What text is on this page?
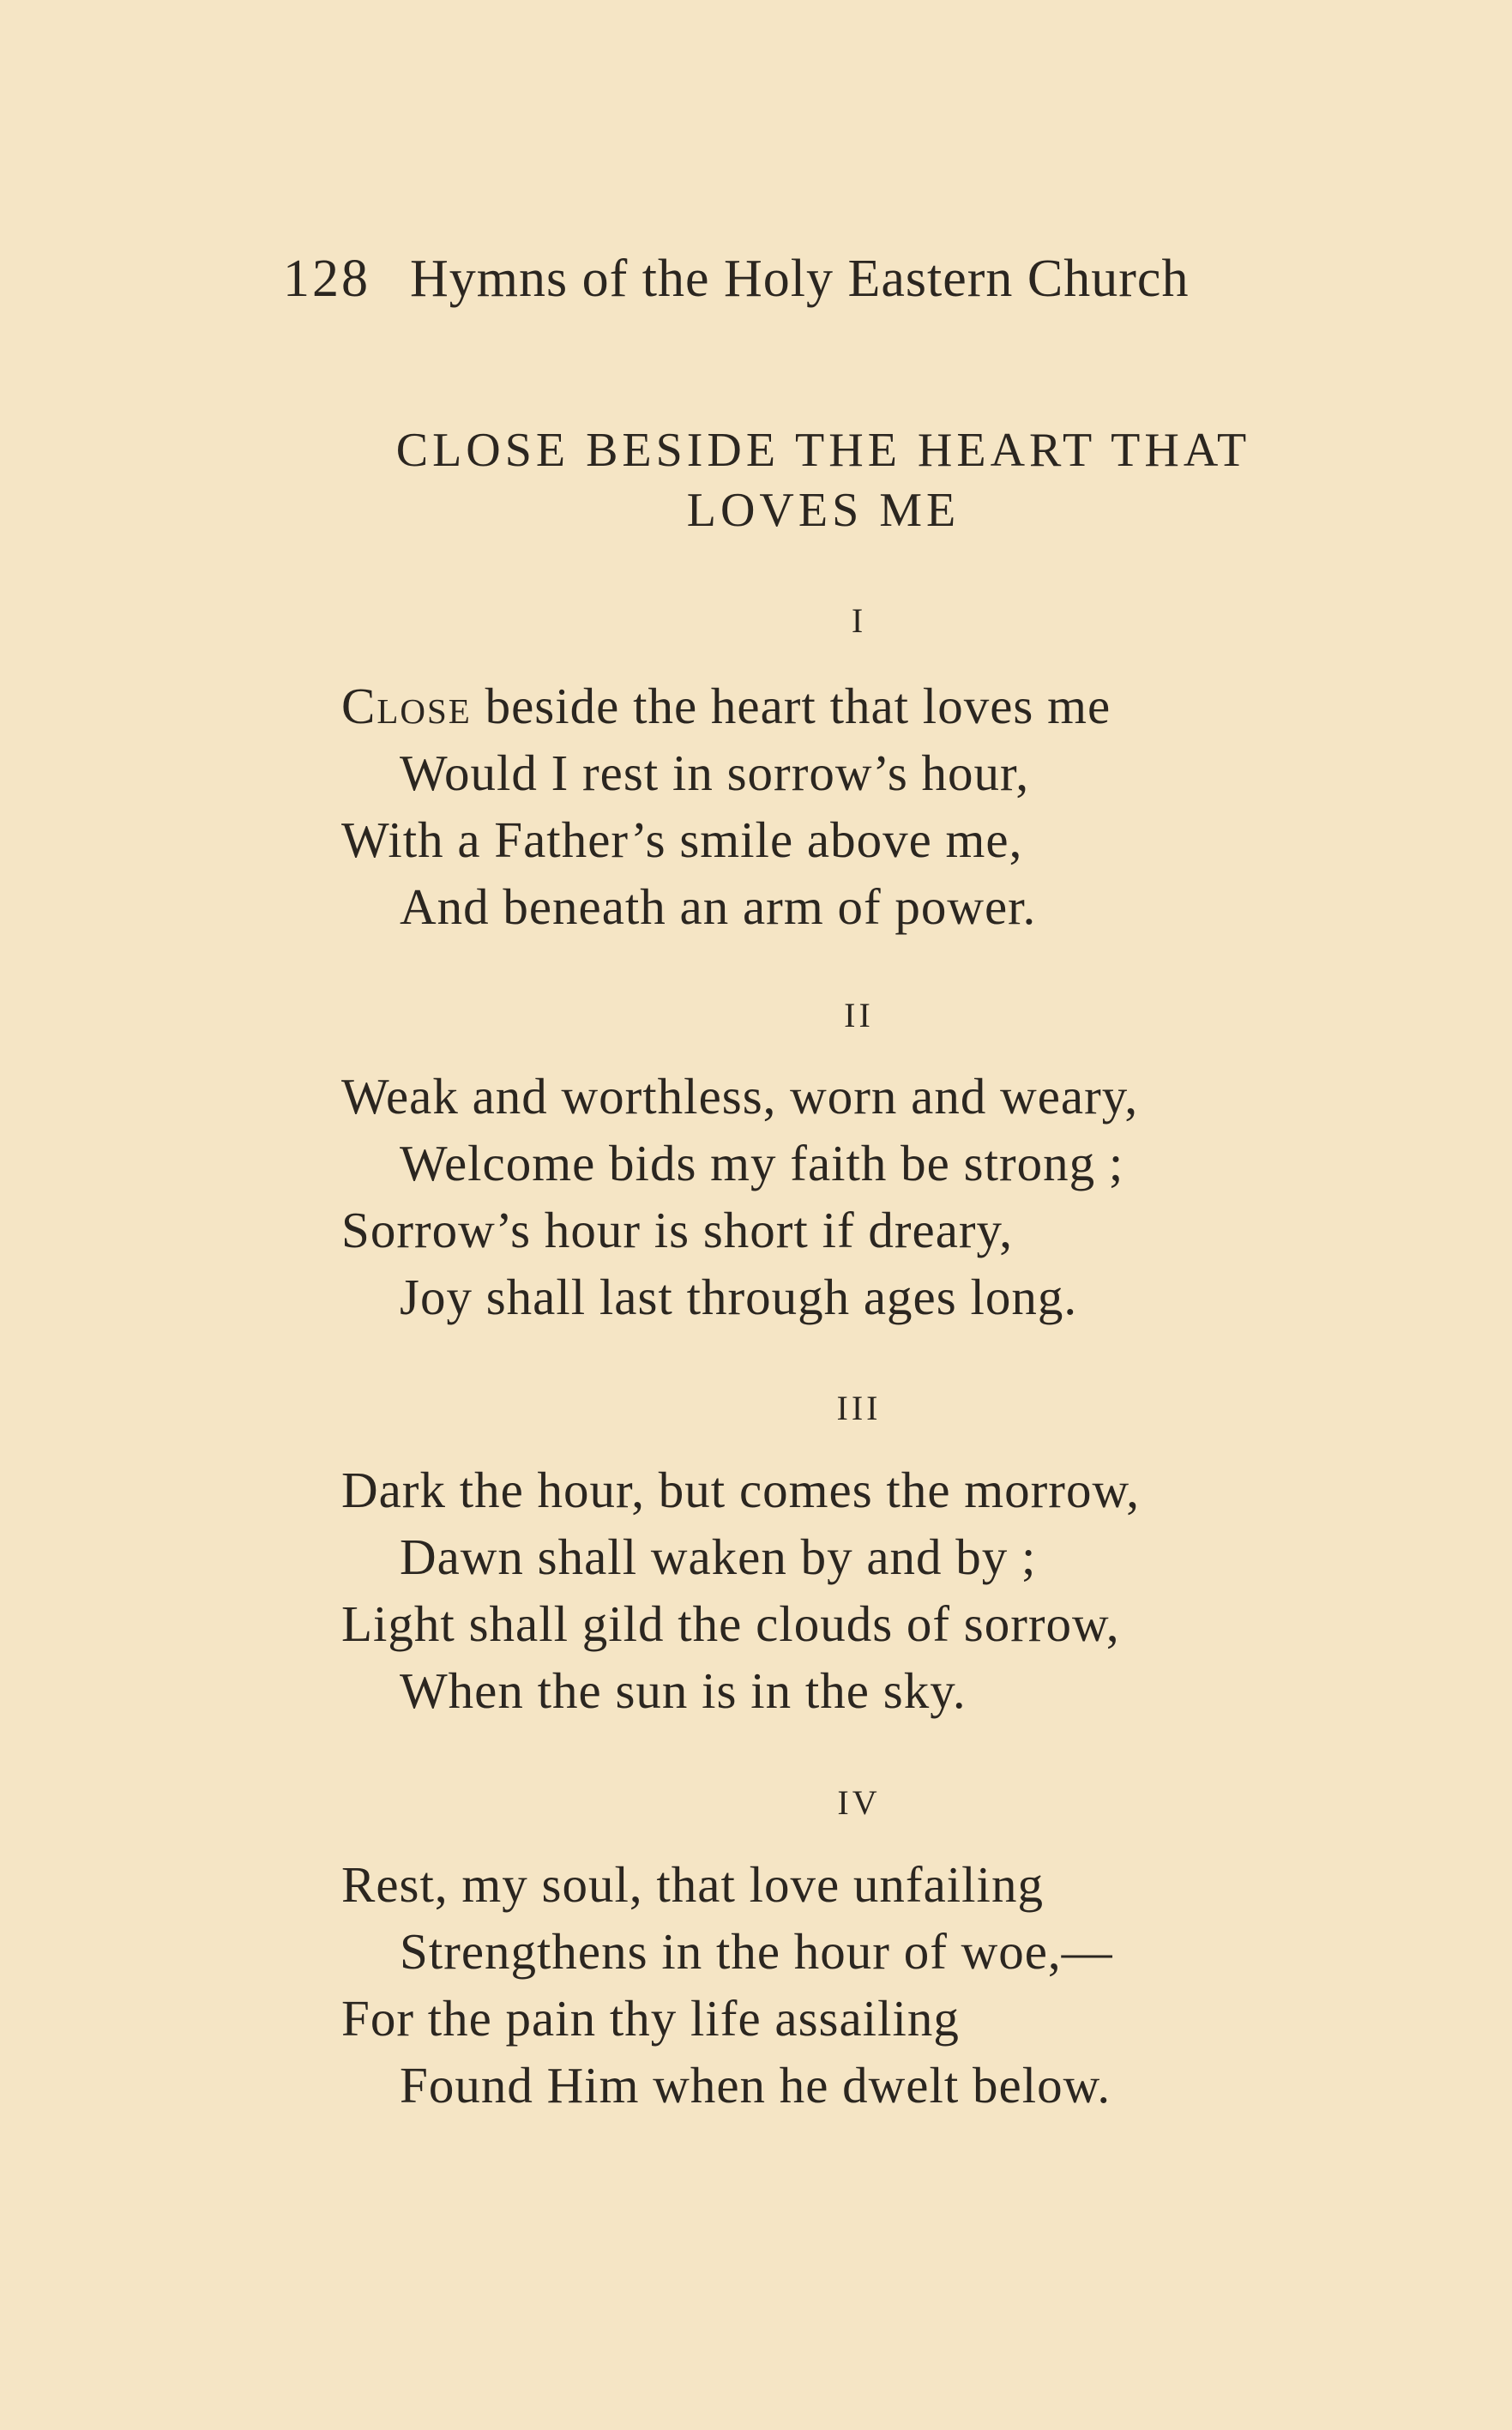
128 Hymns of the Holy Eastern Church
CLOSE BESIDE THE HEART THAT
LOVES ME
I
Close beside the heart that loves me
Would I rest in sorrow’s hour,
With a Father’s smile above me,
And beneath an arm of power.
II
Weak and worthless, worn and weary,
Welcome bids my faith be strong ;
Sorrow’s hour is short if dreary,
Joy shall last through ages long.
III
Dark the hour, but comes the morrow,
Dawn shall waken by and by ;
Light shall gild the clouds of sorrow,
When the sun is in the sky.
IV
Rest, my soul, that love unfailing
Strengthens in the hour of woe,—
For the pain thy life assailing
Found Him when he dwelt below.
